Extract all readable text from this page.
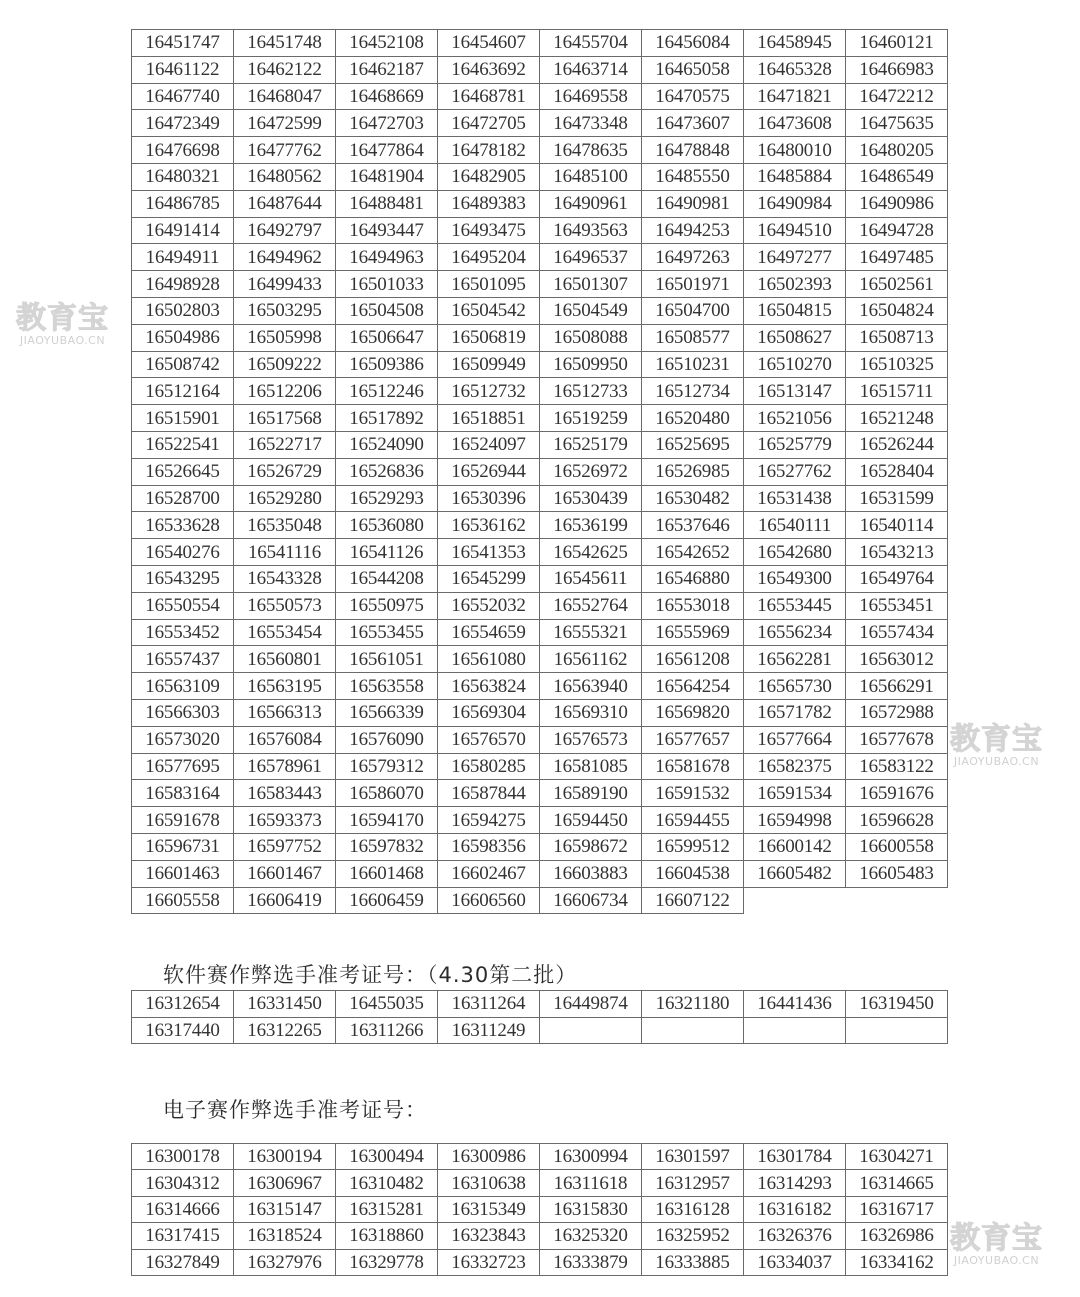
16451747	16451748	16452108	16454607	16455704	16456084	16458945	16460121
16461122	16462122	16462187	16463692	16463714	16465058	16465328	16466983
16467740	16468047	16468669	16468781	16469558	16470575	16471821	16472212
16472349	16472599	16472703	16472705	16473348	16473607	16473608	16475635
16476698	16477762	16477864	16478182	16478635	16478848	16480010	16480205
16480321	16480562	16481904	16482905	16485100	16485550	16485884	16486549
16486785	16487644	16488481	16489383	16490961	16490981	16490984	16490986
16491414	16492797	16493447	16493475	16493563	16494253	16494510	16494728
16494911	16494962	16494963	16495204	16496537	16497263	16497277	16497485
16498928	16499433	16501033	16501095	16501307	16501971	16502393	16502561
16502803	16503295	16504508	16504542	16504549	16504700	16504815	16504824
16504986	16505998	16506647	16506819	16508088	16508577	16508627	16508713
16508742	16509222	16509386	16509949	16509950	16510231	16510270	16510325
16512164	16512206	16512246	16512732	16512733	16512734	16513147	16515711
16515901	16517568	16517892	16518851	16519259	16520480	16521056	16521248
16522541	16522717	16524090	16524097	16525179	16525695	16525779	16526244
16526645	16526729	16526836	16526944	16526972	16526985	16527762	16528404
16528700	16529280	16529293	16530396	16530439	16530482	16531438	16531599
16533628	16535048	16536080	16536162	16536199	16537646	16540111	16540114
16540276	16541116	16541126	16541353	16542625	16542652	16542680	16543213
16543295	16543328	16544208	16545299	16545611	16546880	16549300	16549764
16550554	16550573	16550975	16552032	16552764	16553018	16553445	16553451
16553452	16553454	16553455	16554659	16555321	16555969	16556234	16557434
16557437	16560801	16561051	16561080	16561162	16561208	16562281	16563012
16563109	16563195	16563558	16563824	16563940	16564254	16565730	16566291
16566303	16566313	16566339	16569304	16569310	16569820	16571782	16572988
16573020	16576084	16576090	16576570	16576573	16577657	16577664	16577678
16577695	16578961	16579312	16580285	16581085	16581678	16582375	16583122
16583164	16583443	16586070	16587844	16589190	16591532	16591534	16591676
16591678	16593373	16594170	16594275	16594450	16594455	16594998	16596628
16596731	16597752	16597832	16598356	16598672	16599512	16600142	16600558
16601463	16601467	16601468	16602467	16603883	16604538	16605482	16605483
16605558	16606419	16606459	16606560	16606734	16607122		
软件赛作弊选手准考证号：（4.30第二批）
16312654	16331450	16455035	16311264	16449874	16321180	16441436	16319450
16317440	16312265	16311266	16311249				
电子赛作弊选手准考证号：
16300178	16300194	16300494	16300986	16300994	16301597	16301784	16304271
16304312	16306967	16310482	16310638	16311618	16312957	16314293	16314665
16314666	16315147	16315281	16315349	16315830	16316128	16316182	16316717
16317415	16318524	16318860	16323843	16325320	16325952	16326376	16326986
16327849	16327976	16329778	16332723	16333879	16333885	16334037	16334162
教育宝
JIAOYUBAO.CN
教育宝
JIAOYUBAO.CN
教育宝
JIAOYUBAO.CN
